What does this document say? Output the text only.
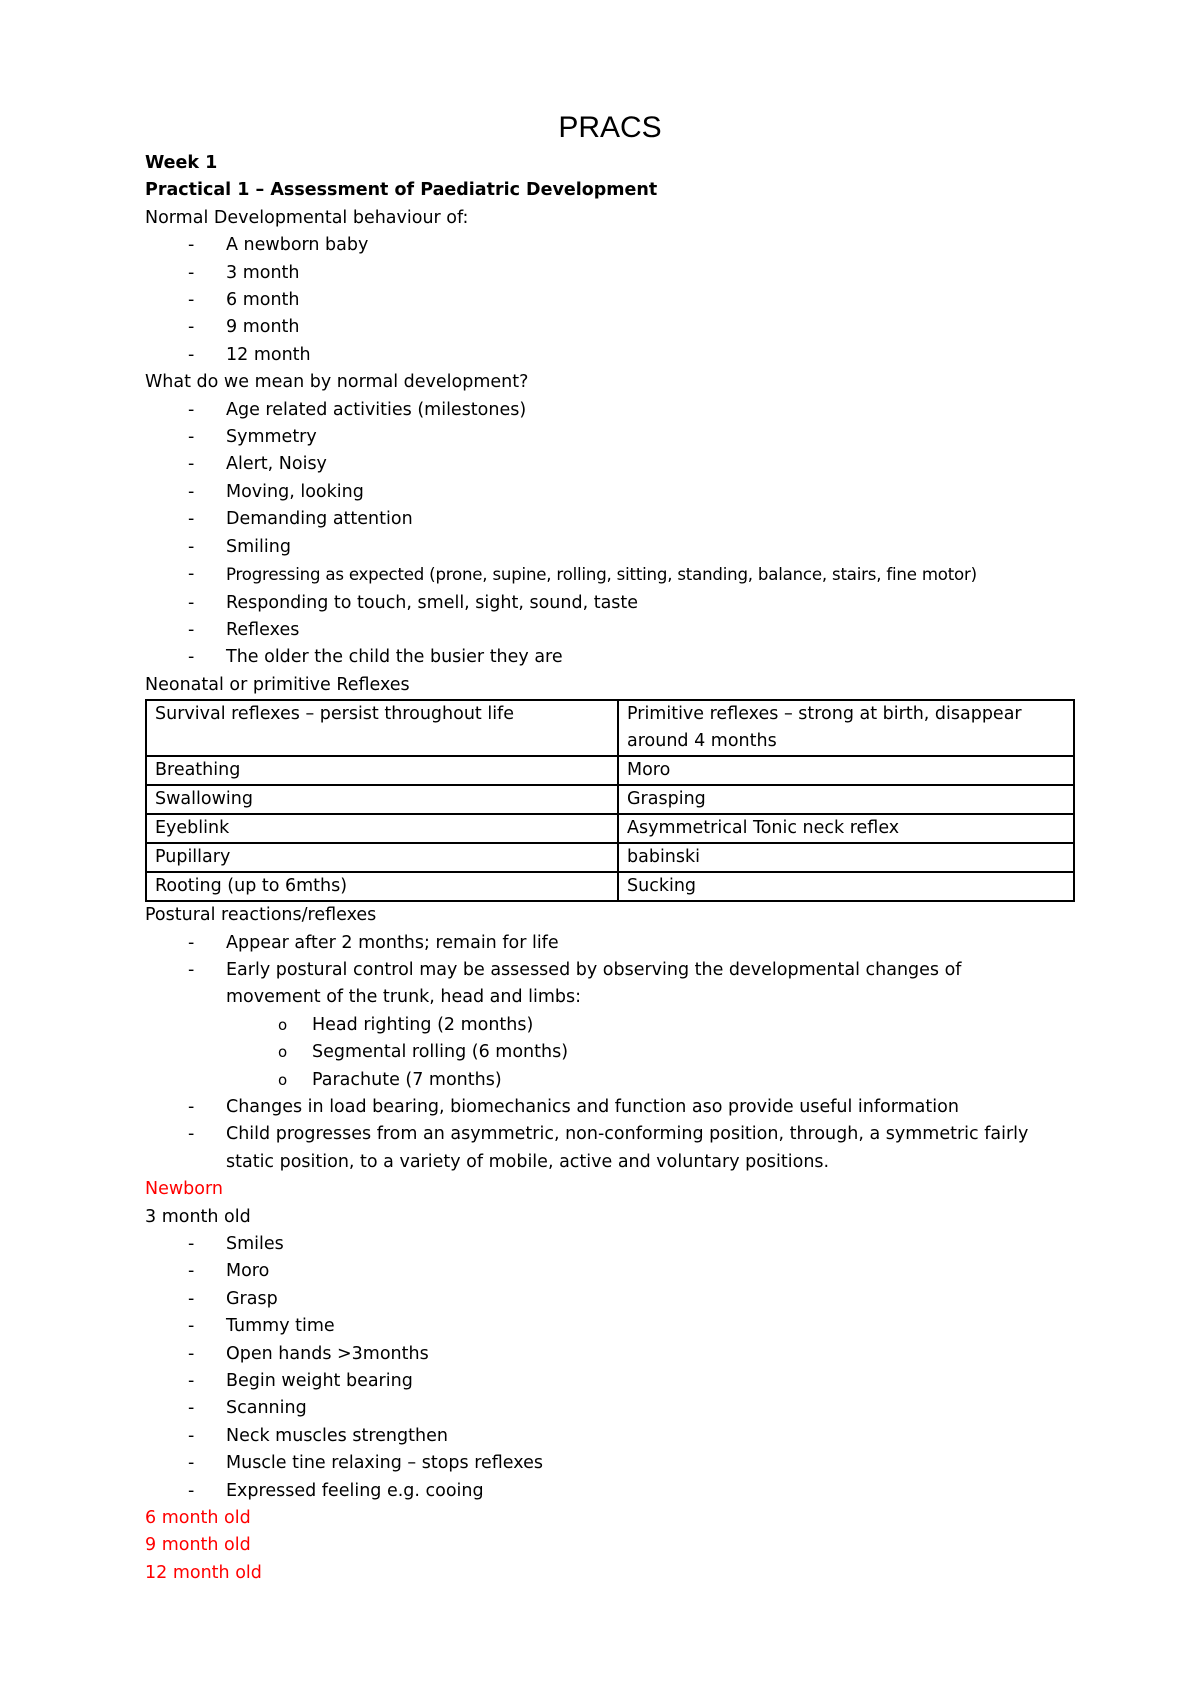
PRACS
Week 1
Practical 1 – Assessment of Paediatric Development
Normal Developmental behaviour of:
- A newborn baby
- 3 month
- 6 month
- 9 month
- 12 month
What do we mean by normal development?
- Age related activities (milestones)
- Symmetry
- Alert, Noisy
- Moving, looking
- Demanding attention
- Smiling
- Progressing as expected (prone, supine, rolling, sitting, standing, balance, stairs, fine motor)
- Responding to touch, smell, sight, sound, taste
- Reflexes
- The older the child the busier they are
Neonatal or primitive Reflexes
Survival reflexes – persist throughout life	Primitive reflexes – strong at birth, disappear around 4 months
Breathing	Moro
Swallowing	Grasping
Eyeblink	Asymmetrical Tonic neck reflex
Pupillary	babinski
Rooting (up to 6mths)	Sucking
Postural reactions/reflexes
- Appear after 2 months; remain for life
- Early postural control may be assessed by observing the developmental changes of movement of the trunk, head and limbs:
o Head righting (2 months)
o Segmental rolling (6 months)
o Parachute (7 months)
- Changes in load bearing, biomechanics and function aso provide useful information
- Child progresses from an asymmetric, non-conforming position, through, a symmetric fairly static position, to a variety of mobile, active and voluntary positions.
Newborn
3 month old
- Smiles
- Moro
- Grasp
- Tummy time
- Open hands >3months
- Begin weight bearing
- Scanning
- Neck muscles strengthen
- Muscle tine relaxing – stops reflexes
- Expressed feeling e.g. cooing
6 month old
9 month old
12 month old
